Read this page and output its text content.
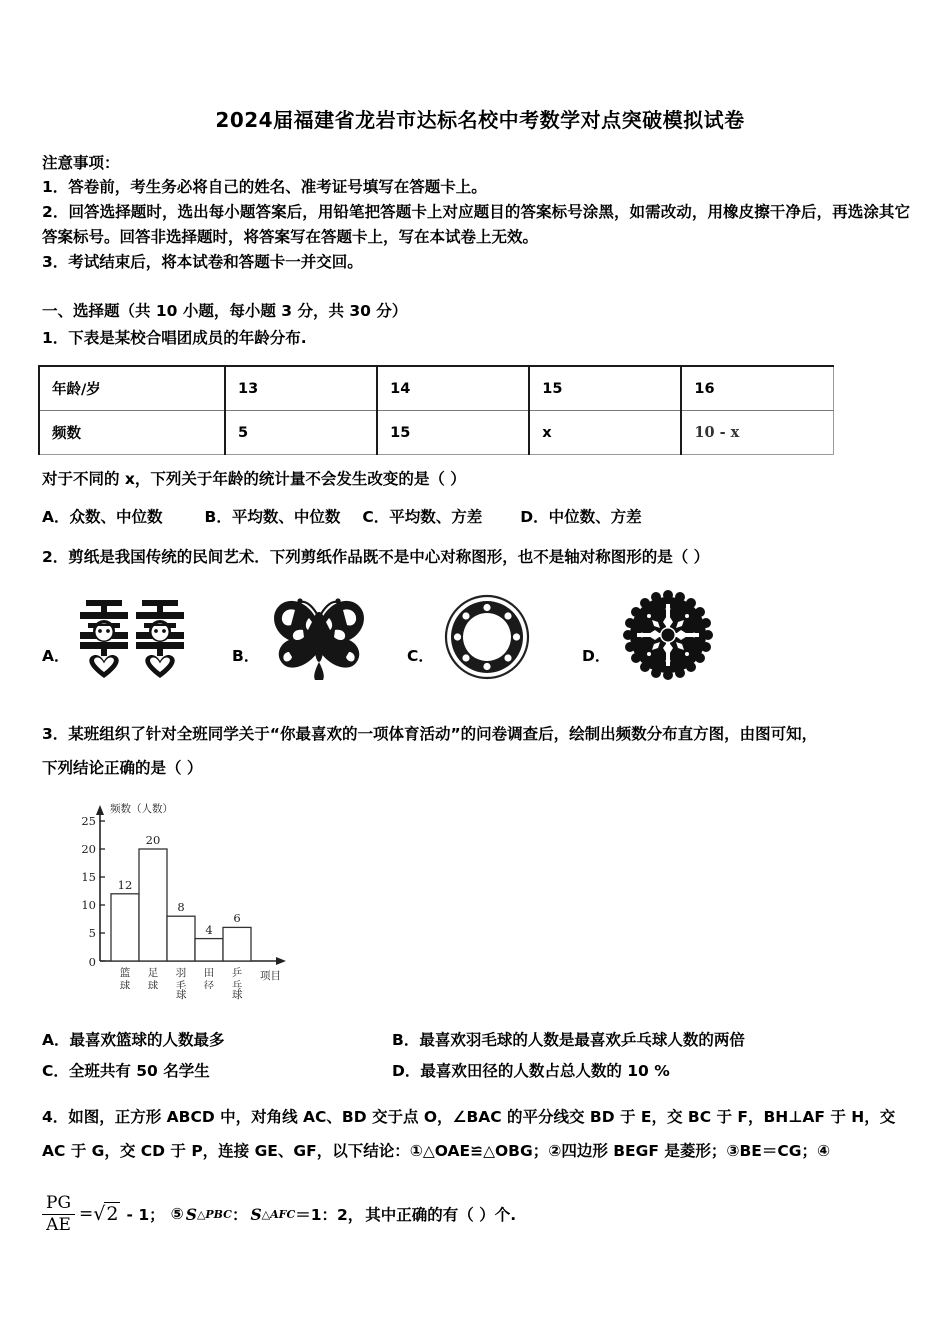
2024届福建省龙岩市达标名校中考数学对点突破模拟试卷
注意事项：
1．答卷前，考生务必将自己的姓名、准考证号填写在答题卡上。
2．回答选择题时，选出每小题答案后，用铅笔把答题卡上对应题目的答案标号涂黑，如需改动，用橡皮擦干净后，再选涂其它答案标号。回答非选择题时，将答案写在答题卡上，写在本试卷上无效。
3．考试结束后，将本试卷和答题卡一并交回。
一、选择题（共 10 小题，每小题 3 分，共 30 分）
1．下表是某校合唱团成员的年龄分布.
年龄/岁	13	14	15	16
频数	5	15	x	10 - x
对于不同的 x，下列关于年龄的统计量不会发生改变的是（ ）
A．众数、中位数	B．平均数、中位数 C．平均数、方差 D．中位数、方差
2．剪纸是我国传统的民间艺术．下列剪纸作品既不是中心对称图形，也不是轴对称图形的是（ ）
A．	B．	C．	D．
3．某班组织了针对全班同学关于“你最喜欢的一项体育活动”的问卷调查后，绘制出频数分布直方图，由图可知，
下列结论正确的是（ ）
0
5
10
15
20
25
12
20
8
4
6
频数（人数）
项目
篮球
足球
羽毛
田径
乒乓
球	球
A．最喜欢篮球的人数最多	B．最喜欢羽毛球的人数是最喜欢乒乓球人数的两倍
C．全班共有 50 名学生	D．最喜欢田径的人数占总人数的 10 %
4．如图，正方形 ABCD 中，对角线 AC、BD 交于点 O，∠BAC 的平分线交 BD 于 E，交 BC 于 F，BH⊥AF 于 H，交
AC 于 G，交 CD 于 P，连接 GE、GF，以下结论：①△OAE≌△OBG；②四边形 BEGF 是菱形；③BE＝CG；④
$\frac{PG}{AE} = √2 - 1$； ⑤ S △PBC ： S △AFC ＝1：2， 其中正确的有（ ）个.
